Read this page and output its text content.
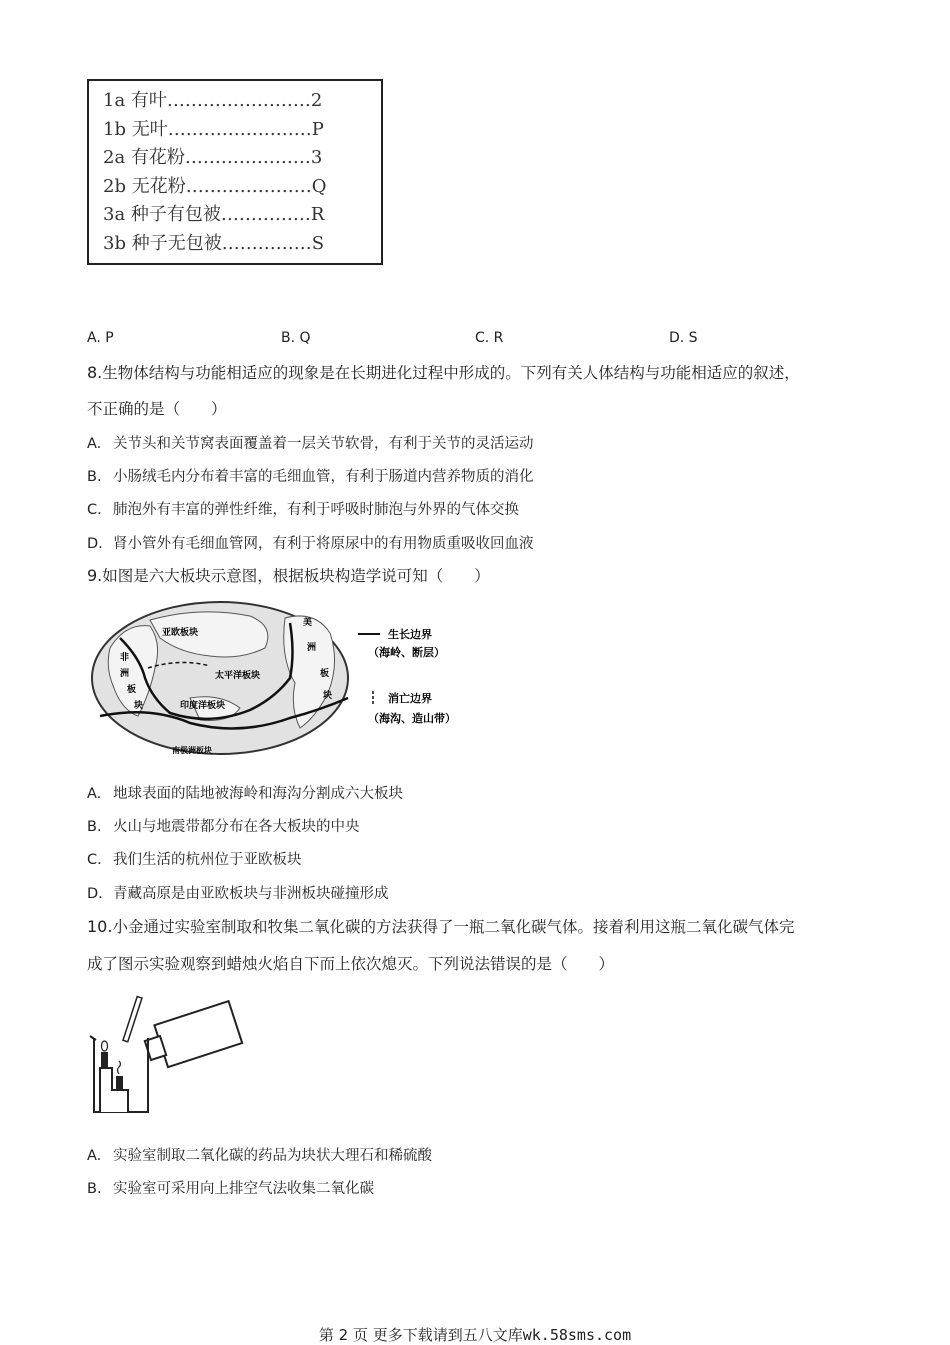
1a 有叶……………………2
1b 无叶……………………P
2a 有花粉…………………3
2b 无花粉…………………Q
3a 种子有包被……………R
3b 种子无包被……………S
A. P	B. Q	C. R	D. S
8.生物体结构与功能相适应的现象是在长期进化过程中形成的。下列有关人体结构与功能相适应的叙述，
不正确的是（　　）
A. 关节头和关节窝表面覆盖着一层关节软骨，有利于关节的灵活运动
B. 小肠绒毛内分布着丰富的毛细血管，有利于肠道内营养物质的消化
C. 肺泡外有丰富的弹性纤维，有利于呼吸时肺泡与外界的气体交换
D. 肾小管外有毛细血管网，有利于将原尿中的有用物质重吸收回血液
9.如图是六大板块示意图，根据板块构造学说可知（　　）
亚欧板块
非
洲
板
块
太平洋板块
印度洋板块
南极洲板块
美
洲
板
块
生长边界
（海岭、断层）
消亡边界
（海沟、造山带）
A. 地球表面的陆地被海岭和海沟分割成六大板块
B. 火山与地震带都分布在各大板块的中央
C. 我们生活的杭州位于亚欧板块
D. 青藏高原是由亚欧板块与非洲板块碰撞形成
10.小金通过实验室制取和牧集二氧化碳的方法获得了一瓶二氧化碳气体。接着利用这瓶二氧化碳气体完
成了图示实验观察到蜡烛火焰自下而上依次熄灭。下列说法错误的是（　　）
A. 实验室制取二氧化碳的药品为块状大理石和稀硫酸
B. 实验室可采用向上排空气法收集二氧化碳
第 2 页 更多下载请到五八文库wk.58sms.com
